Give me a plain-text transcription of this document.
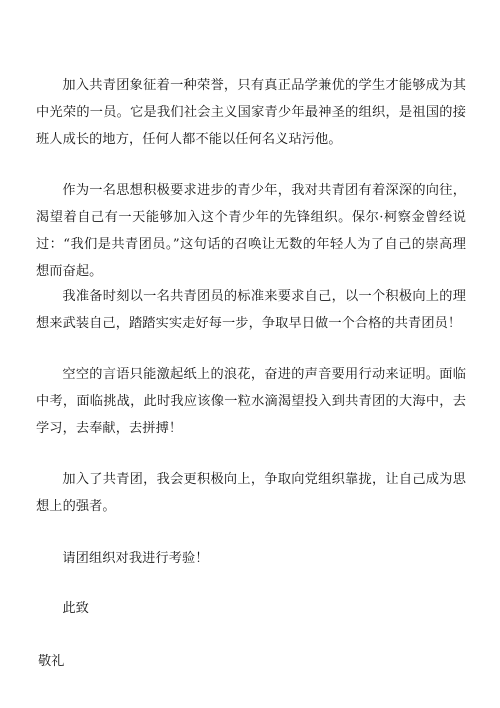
加入共青团象征着一种荣誉，只有真正品学兼优的学生才能够成为其中光荣的一员。它是我们社会主义国家青少年最神圣的组织，是祖国的接班人成长的地方，任何人都不能以任何名义玷污他。

作为一名思想积极要求进步的青少年，我对共青团有着深深的向往，渴望着自己有一天能够加入这个青少年的先锋组织。保尔·柯察金曾经说过：“我们是共青团员。”这句话的召唤让无数的年轻人为了自己的崇高理想而奋起。

我准备时刻以一名共青团员的标准来要求自己，以一个积极向上的理想来武装自己，踏踏实实走好每一步，争取早日做一个合格的共青团员！

空空的言语只能激起纸上的浪花，奋进的声音要用行动来证明。面临中考，面临挑战，此时我应该像一粒水滴渴望投入到共青团的大海中，去学习，去奉献，去拼搏！

加入了共青团，我会更积极向上，争取向党组织靠拢，让自己成为思想上的强者。

请团组织对我进行考验！

此致

敬礼
